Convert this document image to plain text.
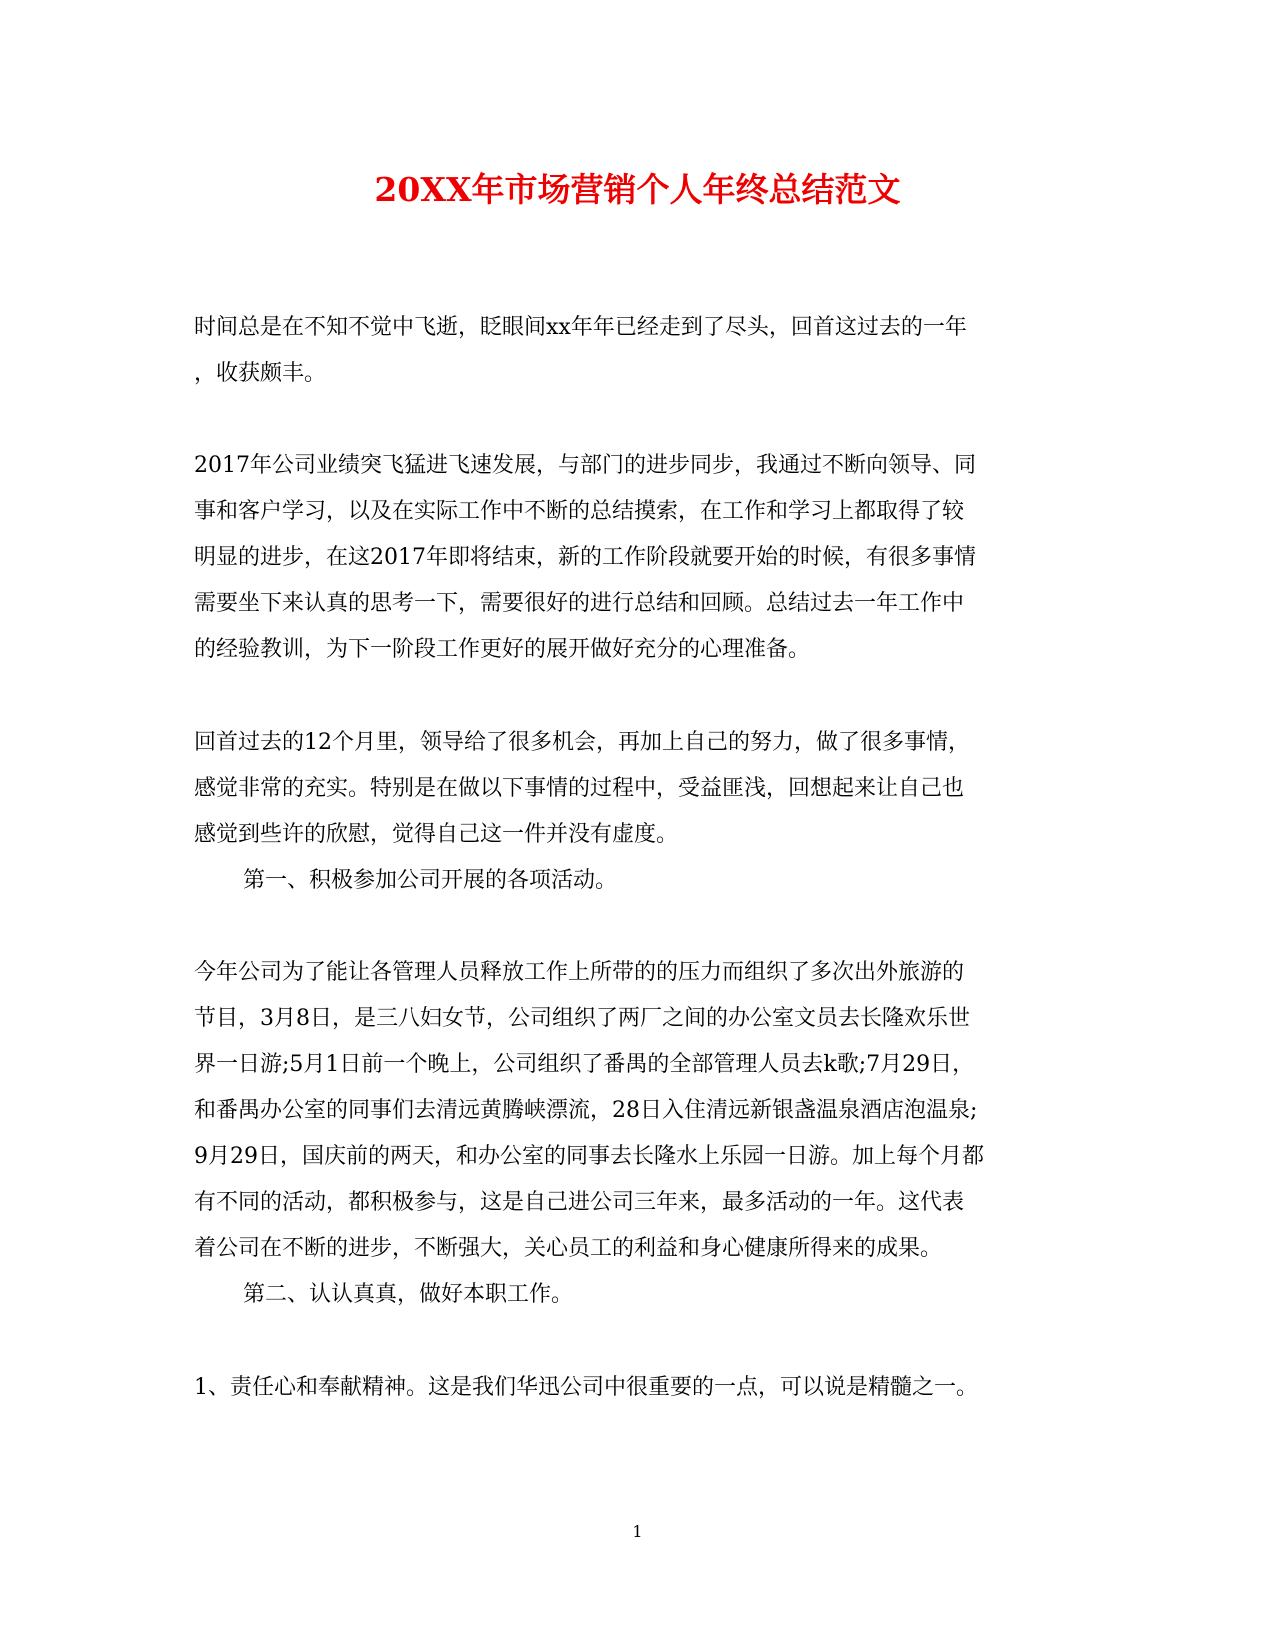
20XX年市场营销个人年终总结范文
时间总是在不知不觉中飞逝，眨眼间xx年年已经走到了尽头，回首这过去的一年
，收获颇丰。
2017年公司业绩突飞猛进飞速发展，与部门的进步同步，我通过不断向领导、同
事和客户学习，以及在实际工作中不断的总结摸索，在工作和学习上都取得了较
明显的进步，在这2017年即将结束，新的工作阶段就要开始的时候，有很多事情
需要坐下来认真的思考一下，需要很好的进行总结和回顾。总结过去一年工作中
的经验教训，为下一阶段工作更好的展开做好充分的心理准备。
回首过去的12个月里，领导给了很多机会，再加上自己的努力，做了很多事情，
感觉非常的充实。特别是在做以下事情的过程中，受益匪浅，回想起来让自己也
感觉到些许的欣慰，觉得自己这一件并没有虚度。
第一、积极参加公司开展的各项活动。
今年公司为了能让各管理人员释放工作上所带的的压力而组织了多次出外旅游的
节目，3月8日，是三八妇女节，公司组织了两厂之间的办公室文员去长隆欢乐世
界一日游;5月1日前一个晚上，公司组织了番禺的全部管理人员去k歌;7月29日，
和番禺办公室的同事们去清远黄腾峡漂流，28日入住清远新银盏温泉酒店泡温泉;
9月29日，国庆前的两天，和办公室的同事去长隆水上乐园一日游。加上每个月都
有不同的活动，都积极参与，这是自己进公司三年来，最多活动的一年。这代表
着公司在不断的进步，不断强大，关心员工的利益和身心健康所得来的成果。
第二、认认真真，做好本职工作。
1、责任心和奉献精神。这是我们华迅公司中很重要的一点，可以说是精髓之一。
1
